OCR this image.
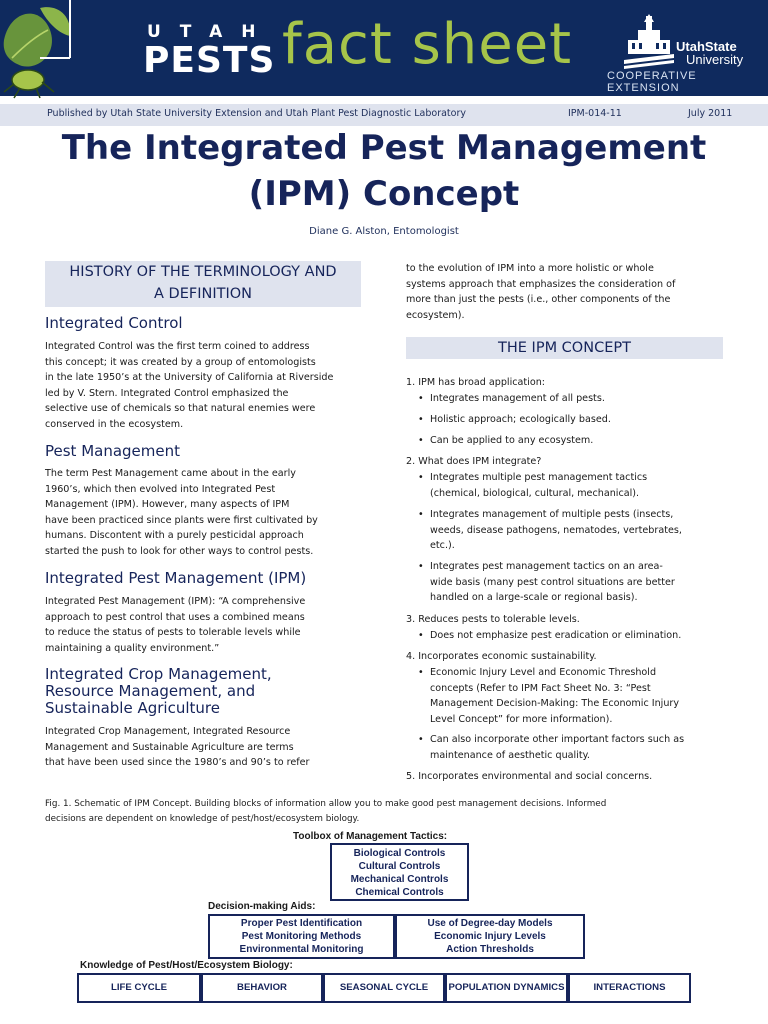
UTAH
PESTS fact sheet	UtahState
University
COOPERATIVE EXTENSION
Published by Utah State University Extension and Utah Plant Pest Diagnostic Laboratory	IPM-014-11	July 2011
The Integrated Pest Management
(IPM) Concept
Diane G. Alston, Entomologist
HISTORY OF THE TERMINOLOGY AND
A DEFINITION
Integrated Control
Integrated Control was the first term coined to address
this concept; it was created by a group of entomologists
in the late 1950’s at the University of California at Riverside
led by V. Stern. Integrated Control emphasized the
selective use of chemicals so that natural enemies were
conserved in the ecosystem.
Pest Management
The term Pest Management came about in the early
1960’s, which then evolved into Integrated Pest
Management (IPM). However, many aspects of IPM
have been practiced since plants were first cultivated by
humans. Discontent with a purely pesticidal approach
started the push to look for other ways to control pests.
Integrated Pest Management (IPM)
Integrated Pest Management (IPM): “A comprehensive
approach to pest control that uses a combined means
to reduce the status of pests to tolerable levels while
maintaining a quality environment.”
Integrated Crop Management,
Resource Management, and
Sustainable Agriculture
Integrated Crop Management, Integrated Resource
Management and Sustainable Agriculture are terms
that have been used since the 1980’s and 90’s to refer
to the evolution of IPM into a more holistic or whole
systems approach that emphasizes the consideration of
more than just the pests (i.e., other components of the
ecosystem).
THE IPM CONCEPT
1. IPM has broad application:
• Integrates management of all pests.
• Holistic approach; ecologically based.
• Can be applied to any ecosystem.
2. What does IPM integrate?
• Integrates multiple pest management tactics
(chemical, biological, cultural, mechanical).
• Integrates management of multiple pests (insects,
weeds, disease pathogens, nematodes, vertebrates,
etc.).
• Integrates pest management tactics on an area-
wide basis (many pest control situations are better
handled on a large-scale or regional basis).
3. Reduces pests to tolerable levels.
• Does not emphasize pest eradication or elimination.
4. Incorporates economic sustainability.
• Economic Injury Level and Economic Threshold
concepts (Refer to IPM Fact Sheet No. 3: “Pest
Management Decision-Making: The Economic Injury
Level Concept” for more information).
• Can also incorporate other important factors such as
maintenance of aesthetic quality.
5. Incorporates environmental and social concerns.
Fig. 1. Schematic of IPM Concept. Building blocks of information allow you to make good pest management decisions. Informed
decisions are dependent on knowledge of pest/host/ecosystem biology.
Toolbox of Management Tactics:
Biological Controls
Cultural Controls
Mechanical Controls
Chemical Controls
Decision-making Aids:
Proper Pest Identification
Pest Monitoring Methods
Environmental Monitoring
Use of Degree-day Models
Economic Injury Levels
Action Thresholds
Knowledge of Pest/Host/Ecosystem Biology:
LIFE CYCLE	BEHAVIOR	SEASONAL CYCLE	POPULATION DYNAMICS	INTERACTIONS
